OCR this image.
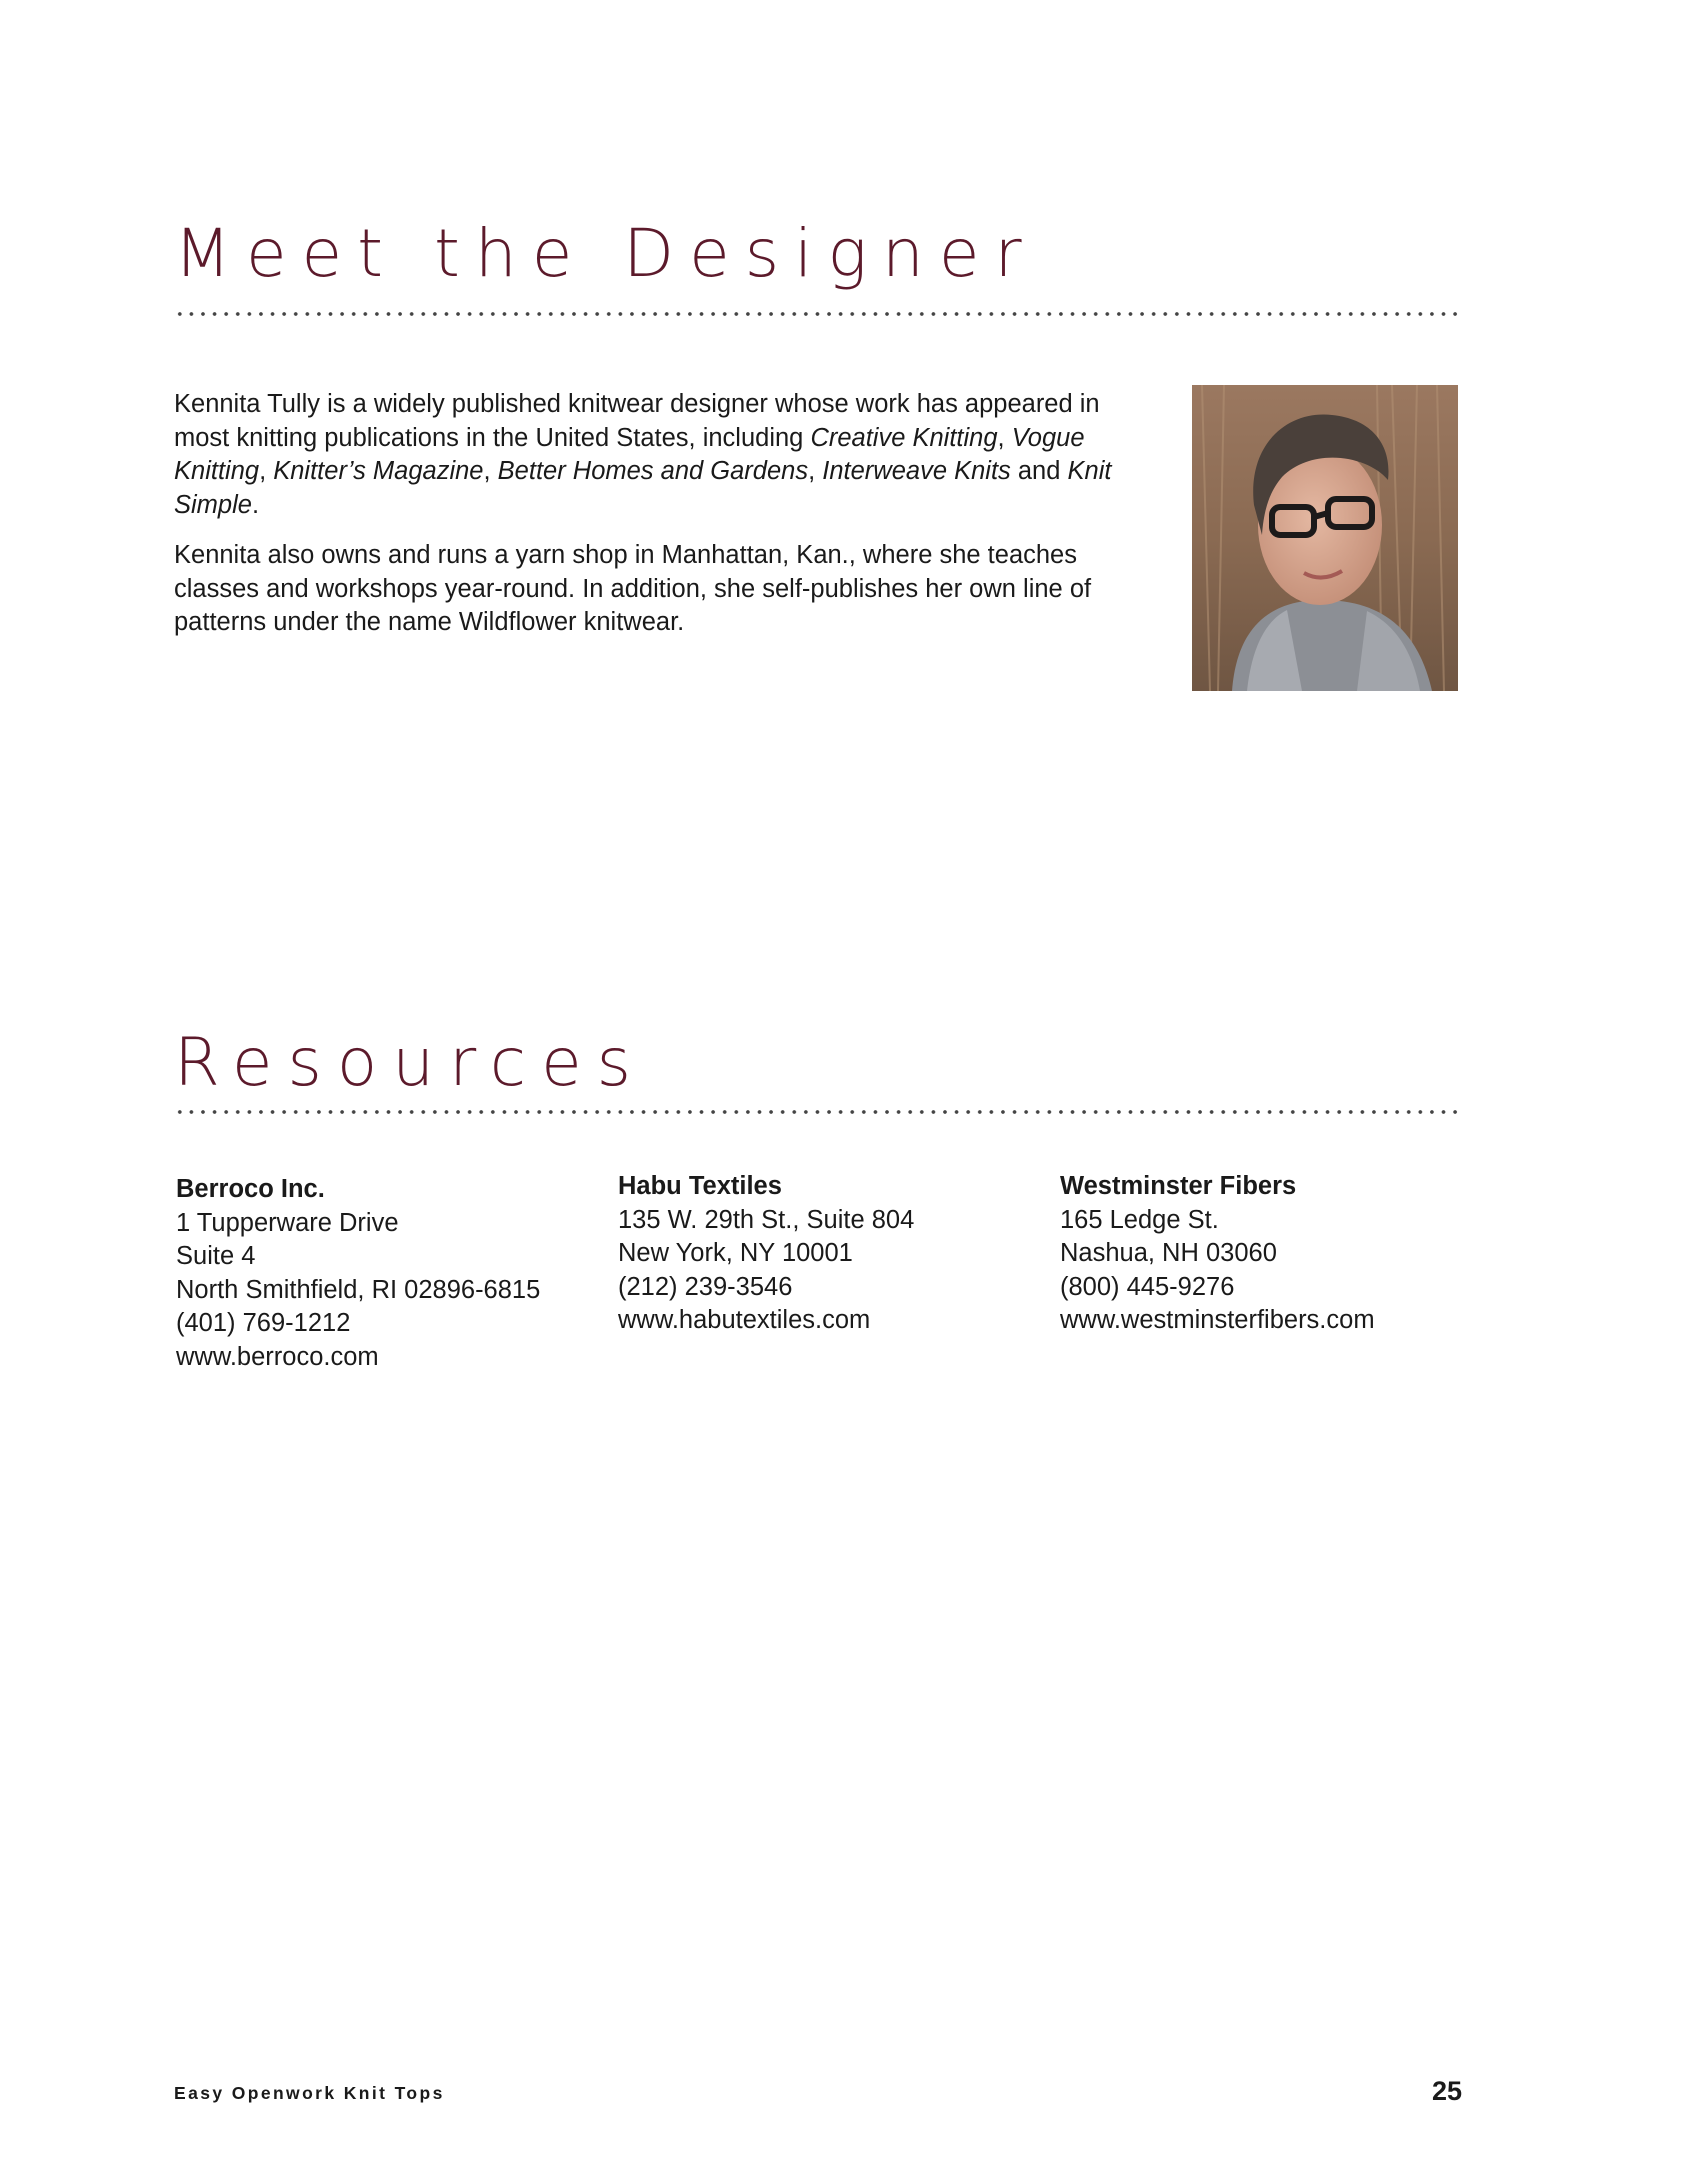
Meet the Designer

Kennita Tully is a widely published knitwear designer whose work has appeared in most knitting publications in the United States, including Creative Knitting, Vogue Knitting, Knitter’s Magazine, Better Homes and Gardens, Interweave Knits and Knit Simple.

Kennita also owns and runs a yarn shop in Manhattan, Kan., where she teaches classes and workshops year-round. In addition, she self-publishes her own line of patterns under the name Wildflower knitwear.

Resources
Berroco Inc.
1 Tupperware Drive
Suite 4
North Smithfield, RI 02896-6815
(401) 769-1212
www.berroco.com
Habu Textiles
135 W. 29th St., Suite 804
New York, NY 10001
(212) 239-3546
www.habutextiles.com
Westminster Fibers
165 Ledge St.
Nashua, NH 03060
(800) 445-9276
www.westminsterfibers.com
Easy Openwork Knit Tops	25
